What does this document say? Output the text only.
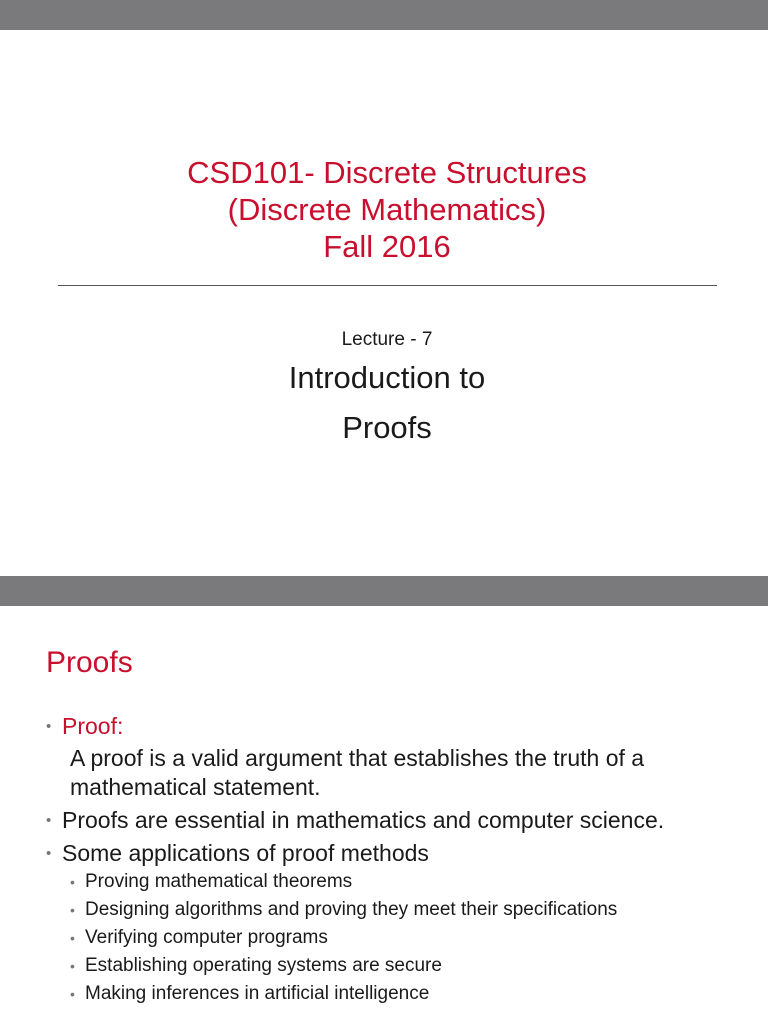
CSD101- Discrete Structures
(Discrete Mathematics)
Fall 2016
Lecture - 7
Introduction to
Proofs
Proofs
• Proof:
A proof is a valid argument that establishes the truth of a mathematical statement.
• Proofs are essential in mathematics and computer science.
• Some applications of proof methods
• Proving mathematical theorems
• Designing algorithms and proving they meet their specifications
• Verifying computer programs
• Establishing operating systems are secure
• Making inferences in artificial intelligence
